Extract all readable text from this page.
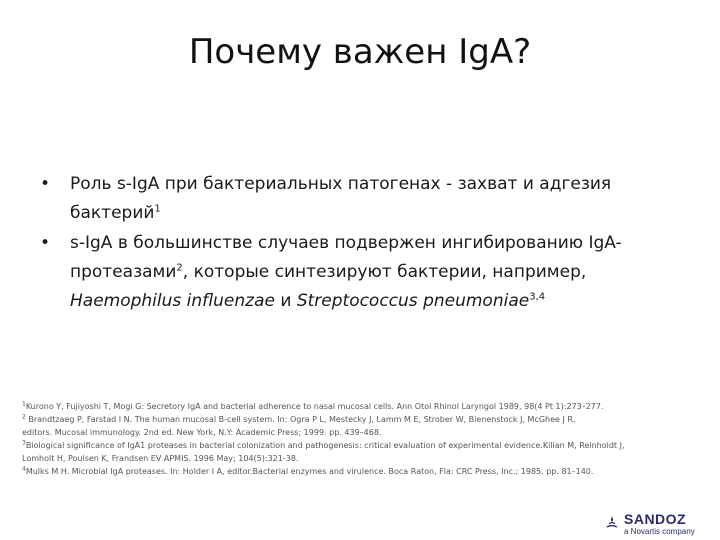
Почему важен IgA?
• Роль s-IgA при бактериальных патогенах - захват и адгезия бактерий$^1$
• s-IgA в большинстве случаев подвержен ингибированию IgA-протеазами$^2$, которые синтезируют бактерии, например, Haemophilus influenzae и Streptococcus pneumoniae$^{3,4}$
$^1$Kurono Y, Fujiyoshi T, Mogi G: Secretory IgA and bacterial adherence to nasal mucosal cells. Ann Otol Rhinol Laryngol 1989, 98(4 Pt 1):273–277.
$^2$ Brandtzaeg P, Farstad I N. The human mucosal B-cell system. In: Ogra P L, Mestecky J, Lamm M E, Strober W, Bienenstock J, McGhee J R,
editors. Mucosal immunology. 2nd ed. New York, N.Y: Academic Press; 1999. pp. 439–468.
$^3$Biological significance of IgA1 proteases in bacterial colonization and pathogenesis: critical evaluation of experimental evidence.Kilian M, Reinholdt J,
Lomholt H, Poulsen K, Frandsen EV APMIS. 1996 May; 104(5):321-38.
$^4$Mulks M H. Microbial IgA proteases. In: Holder I A, editor.Bacterial enzymes and virulence. Boca Raton, Fla: CRC Press, Inc.; 1985. pp. 81–140.
SANDOZ
a Novartis company
